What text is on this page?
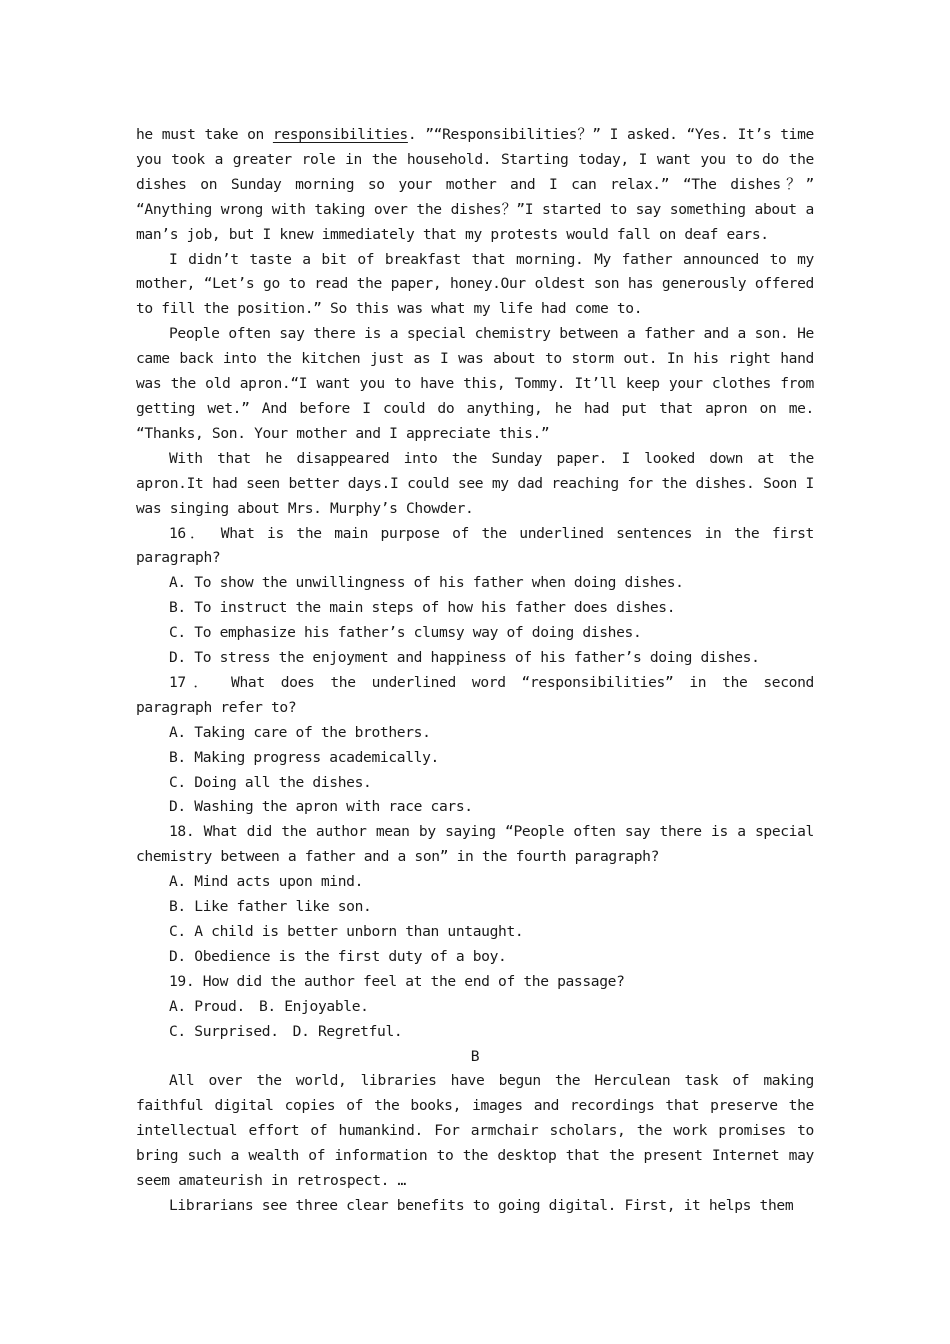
he must take on responsibilities. ”“Responsibilities？” I asked. “Yes. It’s time you took a greater role in the household. Starting today, I want you to do the dishes on Sunday morning so your mother and I can relax.” “The dishes？” “Anything wrong with taking over the dishes？”I started to say something about a man’s job, but I knew immediately that my protests would fall on deaf ears.

I didn’t taste a bit of breakfast that morning. My father announced to my mother, “Let’s go to read the paper, honey.Our oldest son has generously offered to fill the position.” So this was what my life had come to.

People often say there is a special chemistry between a father and a son. He came back into the kitchen just as I was about to storm out. In his right hand was the old apron.“I want you to have this, Tommy. It’ll keep your clothes from getting wet.” And before I could do anything, he had put that apron on me. “Thanks, Son. Your mother and I appreciate this.”

With that he disappeared into the Sunday paper. I looked down at the apron.It had seen better days.I could see my dad reaching for the dishes. Soon I was singing about Mrs. Murphy’s Chowder.

16． What is the main purpose of the underlined sentences in the first paragraph?

A. To show the unwillingness of his father when doing dishes.

B. To instruct the main steps of how his father does dishes.

C. To emphasize his father’s clumsy way of doing dishes.

D. To stress the enjoyment and happiness of his father’s doing dishes.

17． What does the underlined word “responsibilities” in the second paragraph refer to?

A. Taking care of the brothers.

B. Making progress academically.

C. Doing all the dishes.

D. Washing the apron with race cars.

18. What did the author mean by saying “People often say there is a special chemistry between a father and a son” in the fourth paragraph?

A. Mind acts upon mind.

B. Like father like son.

C. A child is better unborn than untaught.

D. Obedience is the first duty of a boy.

19. How did the author feel at the end of the passage?

A. Proud. B. Enjoyable.

C. Surprised. D. Regretful.

B

All over the world, libraries have begun the Herculean task of making faithful digital copies of the books, images and recordings that preserve the intellectual effort of humankind. For armchair scholars, the work promises to bring such a wealth of information to the desktop that the present Internet may seem amateurish in retrospect. …

Librarians see three clear benefits to going digital. First, it helps them
